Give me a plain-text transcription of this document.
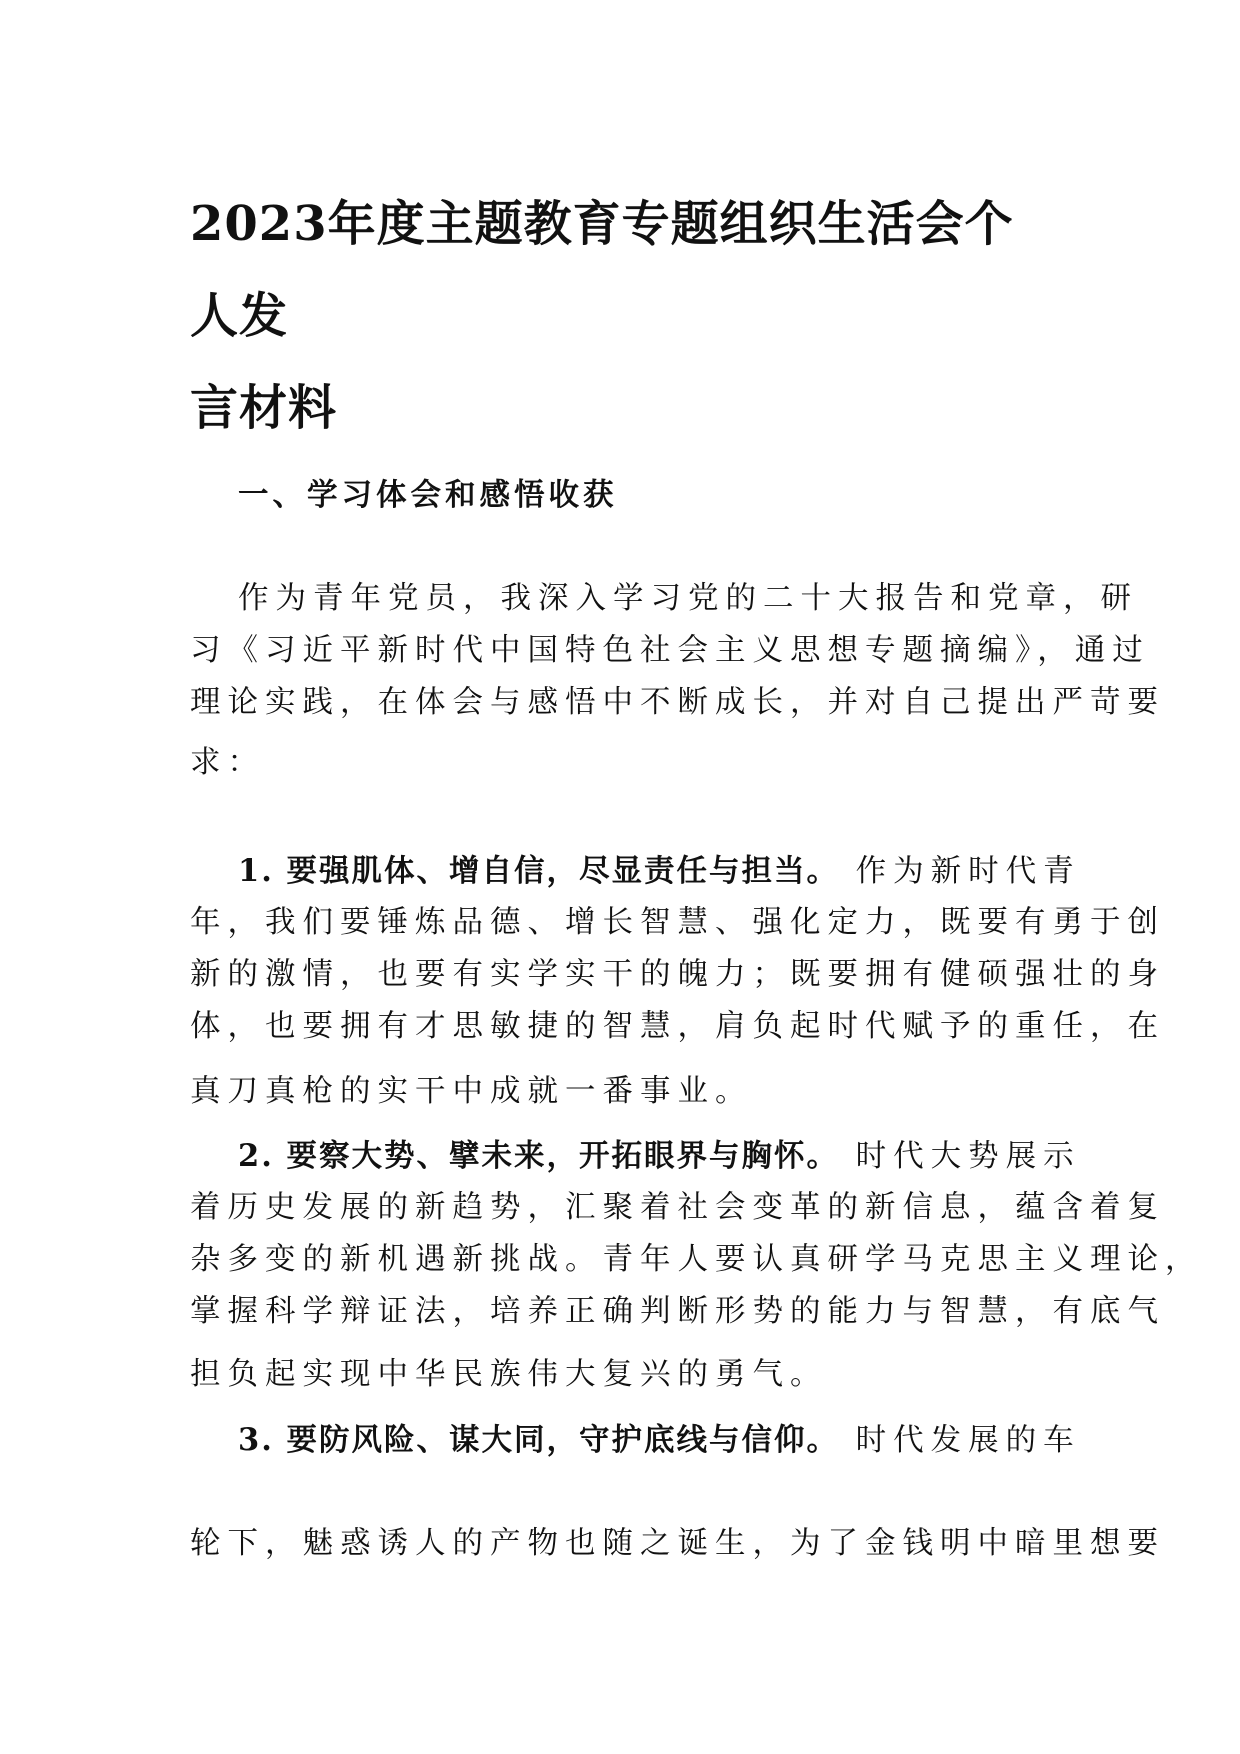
2023年度主题教育专题组织生活会个人发
言材料
一、学习体会和感悟收获
作为青年党员，我深入学习党的二十大报告和党章，研
习《习近平新时代中国特色社会主义思想专题摘编》，通过
理论实践，在体会与感悟中不断成长，并对自己提出严苛要
求：
1. 要强肌体、增自信，尽显责任与担当。 作为新时代青
年，我们要锤炼品德、增长智慧、强化定力，既要有勇于创
新的激情，也要有实学实干的魄力；既要拥有健硕强壮的身
体，也要拥有才思敏捷的智慧，肩负起时代赋予的重任，在
真刀真枪的实干中成就一番事业。
2. 要察大势、擘未来，开拓眼界与胸怀。 时代大势展示
着历史发展的新趋势，汇聚着社会变革的新信息，蕴含着复
杂多变的新机遇新挑战。青年人要认真研学马克思主义理论，
掌握科学辩证法，培养正确判断形势的能力与智慧，有底气
担负起实现中华民族伟大复兴的勇气。
3. 要防风险、谋大同，守护底线与信仰。 时代发展的车
轮下，魅惑诱人的产物也随之诞生，为了金钱明中暗里想要
